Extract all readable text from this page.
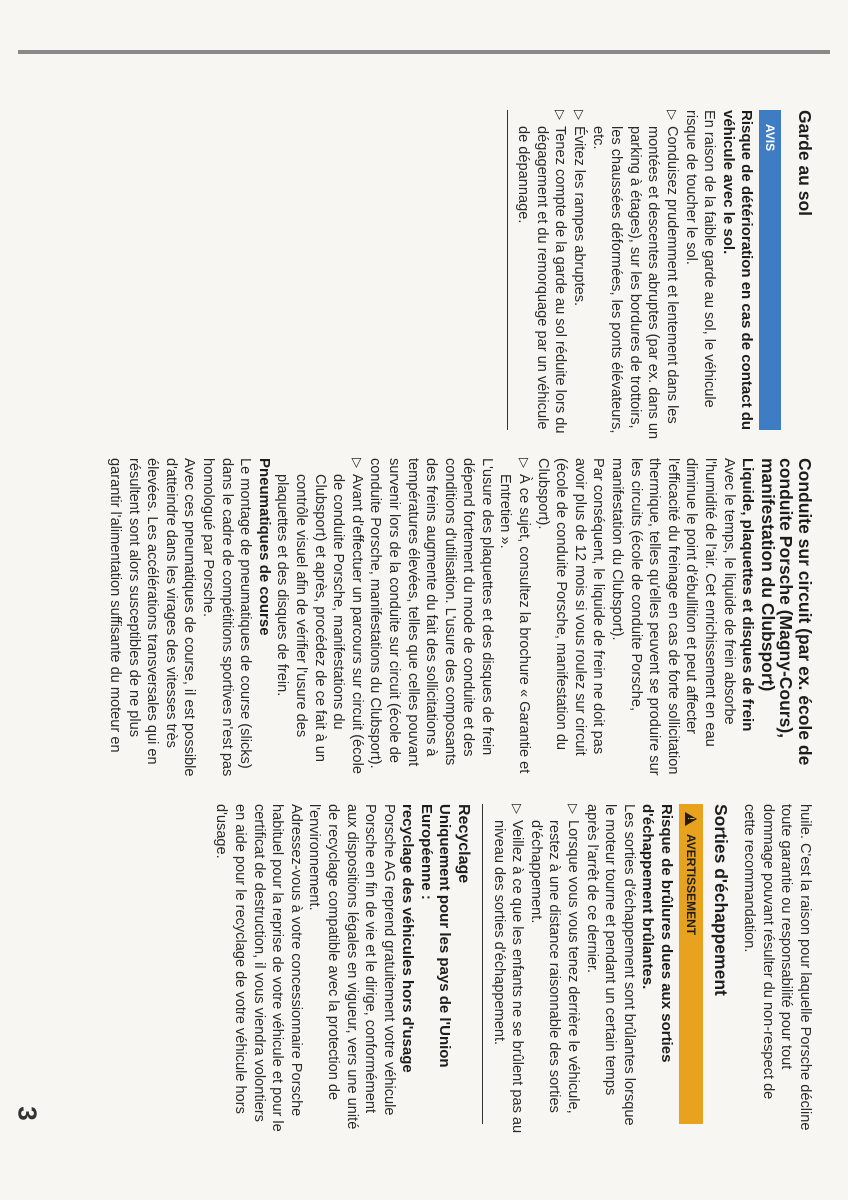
Garde au sol
AVIS
Risque de détérioration en cas de contact du véhicule avec le sol.

En raison de la faible garde au sol, le véhicule risque de toucher le sol.

▷
Conduisez prudemment et lentement dans les montées et descentes abruptes (par ex. dans un parking à étages), sur les bordures de trottoirs, les chaussées déformées, les ponts élévateurs, etc.
▷
Évitez les rampes abruptes.
▷
Tenez compte de la garde au sol réduite lors du dégagement et du remorquage par un véhicule de dépannage.
Conduite sur circuit (par ex. école de conduite Porsche (Magny-Cours), manifestation du Clubsport)
Liquide, plaquettes et disques de frein

Avec le temps, le liquide de frein absorbe l'humidité de l'air. Cet enrichissement en eau diminue le point d'ébullition et peut affecter l'efficacité du freinage en cas de forte sollicitation thermique, telles qu'elles peuvent se produire sur les circuits (école de conduite Porsche, manifestation du Clubsport).

Par conséquent, le liquide de frein ne doit pas avoir plus de 12 mois si vous roulez sur circuit (école de conduite Porsche, manifestation du Clubsport).

▷
À ce sujet, consultez la brochure « Garantie et Entretien ».

L'usure des plaquettes et des disques de frein dépend fortement du mode de conduite et des conditions d'utilisation. L'usure des composants des freins augmente du fait des sollicitations à températures élevées, telles que celles pouvant survenir lors de la conduite sur circuit (école de conduite Porsche, manifestations du Clubsport).

▷
Avant d'effectuer un parcours sur circuit (école de conduite Porsche, manifestations du Clubsport) et après, procédez de ce fait à un contrôle visuel afin de vérifier l'usure des plaquettes et des disques de frein.
Pneumatiques de course

Le montage de pneumatiques de course (slicks) dans le cadre de compétitions sportives n'est pas homologué par Porsche.

Avec ces pneumatiques de course, il est possible d'atteindre dans les virages des vitesses très élevées. Les accélérations transversales qui en résultent sont alors susceptibles de ne plus garantir l'alimentation suffisante du moteur en

huile. C'est la raison pour laquelle Porsche décline toute garantie ou responsabilité pour tout dommage pouvant résulter du non-respect de cette recommandation.

Sorties d'échappement
!
AVERTISSEMENT
Risque de brûlures dues aux sorties d'échappement brûlantes.

Les sorties d'échappement sont brûlantes lorsque le moteur tourne et pendant un certain temps après l'arrêt de ce dernier.

▷
Lorsque vous vous tenez derrière le véhicule, restez à une distance raisonnable des sorties d'échappement.
▷
Veillez à ce que les enfants ne se brûlent pas au niveau des sorties d'échappement.
Recyclage
Uniquement pour les pays de l'Union Européenne :
recyclage des véhicules hors d'usage

Porsche AG reprend gratuitement votre véhicule Porsche en fin de vie et le dirige, conformément aux dispositions légales en vigueur, vers une unité de recyclage compatible avec la protection de l'environnement.

Adressez-vous à votre concessionnaire Porsche habituel pour la reprise de votre véhicule et pour le certificat de destruction, il vous viendra volontiers en aide pour le recyclage de votre véhicule hors d'usage.

3
